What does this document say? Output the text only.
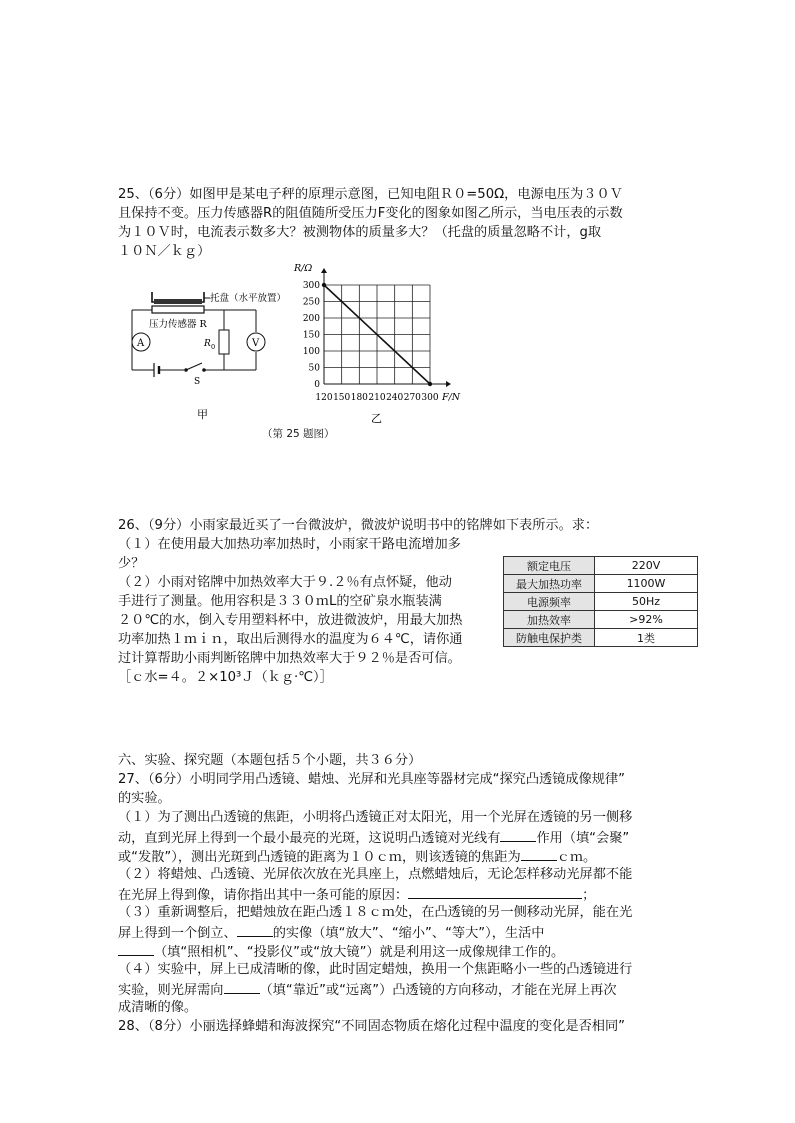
25、（6分）如图甲是某电子秤的原理示意图，已知电阻Ｒ０=50Ω，电源电压为３０Ｖ
且保持不变。压力传感器R的阻值随所受压力F变化的图象如图乙所示，当电压表的示数
为１０Ｖ时，电流表示数多大？被测物体的质量多大？（托盘的质量忽略不计，g取
１０Ｎ／ｋｇ）
托盘（水平放置）
压力传感器 R
A	R 0	V
S
甲
120 150 180 210 240 270 300
0
50
100
150
200
250
300
R/Ω
F/N
乙
（第 25 题图）
26、（9分）小雨家最近买了一台微波炉，微波炉说明书中的铭牌如下表所示。求：
（１）在使用最大加热功率加热时，小雨家干路电流增加多
少？
（２）小雨对铭牌中加热效率大于９.２％有点怀疑，他动
手进行了测量。他用容积是３３０ｍL的空矿泉水瓶装满
２０℃的水，倒入专用塑料杯中，放进微波炉，用最大加热
功率加热１ｍｉｎ，取出后测得水的温度为６４℃，请你通
过计算帮助小雨判断铭牌中加热效率大于９２％是否可信。
［ｃ水=４。２×10³Ｊ（ｋｇ·℃）］
额定电压	220V
最大加热功率	1100W
电源频率	50Hz
加热效率	>92%
防触电保护类	1类
六、实验、探究题（本题包括５个小题，共３６分）
27、（6分）小明同学用凸透镜、蜡烛、光屏和光具座等器材完成“探究凸透镜成像规律”
的实验。
（１）为了测出凸透镜的焦距，小明将凸透镜正对太阳光，用一个光屏在透镜的另一侧移
动，直到光屏上得到一个最小最亮的光斑，这说明凸透镜对光线有	作用（填“会聚”
或“发散”），测出光斑到凸透镜的距离为１０ｃｍ，则该透镜的焦距为	ｃｍ。
（２）将蜡烛、凸透镜、光屏依次放在光具座上，点燃蜡烛后，无论怎样移动光屏都不能
在光屏上得到像，请你指出其中一条可能的原因：	；
（３）重新调整后，把蜡烛放在距凸透１８ｃｍ处，在凸透镜的另一侧移动光屏，能在光
屏上得到一个倒立、	的实像（填“放大”、“缩小”、“等大”），生活中
（填“照相机”、“投影仪”或“放大镜”）就是利用这一成像规律工作的。
（４）实验中，屏上已成清晰的像，此时固定蜡烛，换用一个焦距略小一些的凸透镜进行
实验，则光屏需向	（填“靠近”或“远离”）凸透镜的方向移动，才能在光屏上再次
成清晰的像。
28、（8分）小丽选择蜂蜡和海波探究“不同固态物质在熔化过程中温度的变化是否相同”
